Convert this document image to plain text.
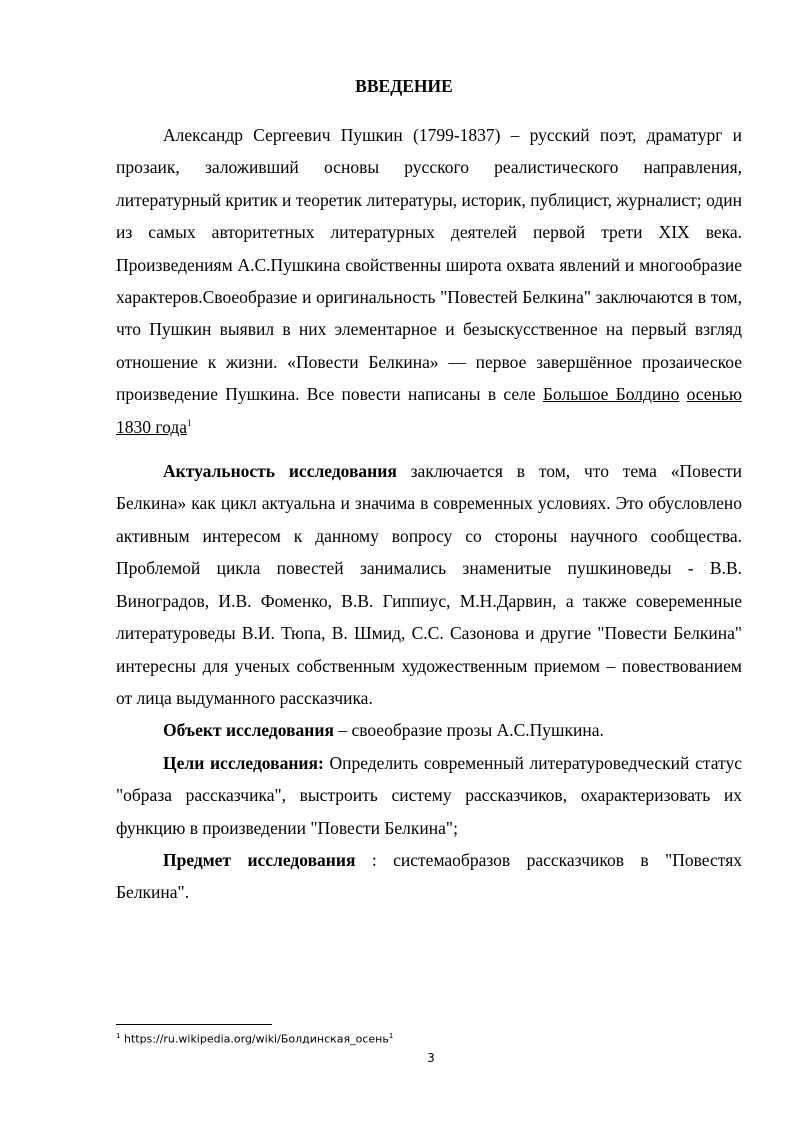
ВВЕДЕНИЕ

Александр Сергеевич Пушкин (1799-1837) – русский поэт, драматург и прозаик, заложивший основы русского реалистического направления, литературный критик и теоретик литературы, историк, публицист, журналист; один из самых авторитетных литературных деятелей первой трети XIX века. Произведениям А.С.Пушкина свойственны широта охвата явлений и многообразие характеров.Своеобразие и оригинальность "Повестей Белкина" заключаются в том, что Пушкин выявил в них элементарное и безыскусственное на первый взгляд отношение к жизни. «Повести Белкина» — первое завершённое прозаическое произведение Пушкина. Все повести написаны в селе Большое Болдино осенью 1830 года$^1$

Актуальность исследования заключается в том, что тема «Повести Белкина» как цикл актуальна и значима в современных условиях. Это обусловлено активным интересом к данному вопросу со стороны научного сообщества. Проблемой цикла повестей занимались знаменитые пушкиноведы - В.В. Виноградов, И.В. Фоменко, В.В. Гиппиус, М.Н.Дарвин, а также совеременные литературоведы В.И. Тюпа, В. Шмид, С.С. Сазонова и другие "Повести Белкина" интересны для ученых собственным художественным приемом – повествованием от лица выдуманного рассказчика.

Объект исследования – своеобразие прозы А.С.Пушкина.

Цели исследования: Определить современный литературоведческий статус "образа рассказчика", выстроить систему рассказчиков, охарактеризовать их функцию в произведении "Повести Белкина";

Предмет исследования : системаобразов рассказчиков в "Повестях Белкина".

$^1$ https://ru.wikipedia.org/wiki/Болдинская_осень$^1$
3
